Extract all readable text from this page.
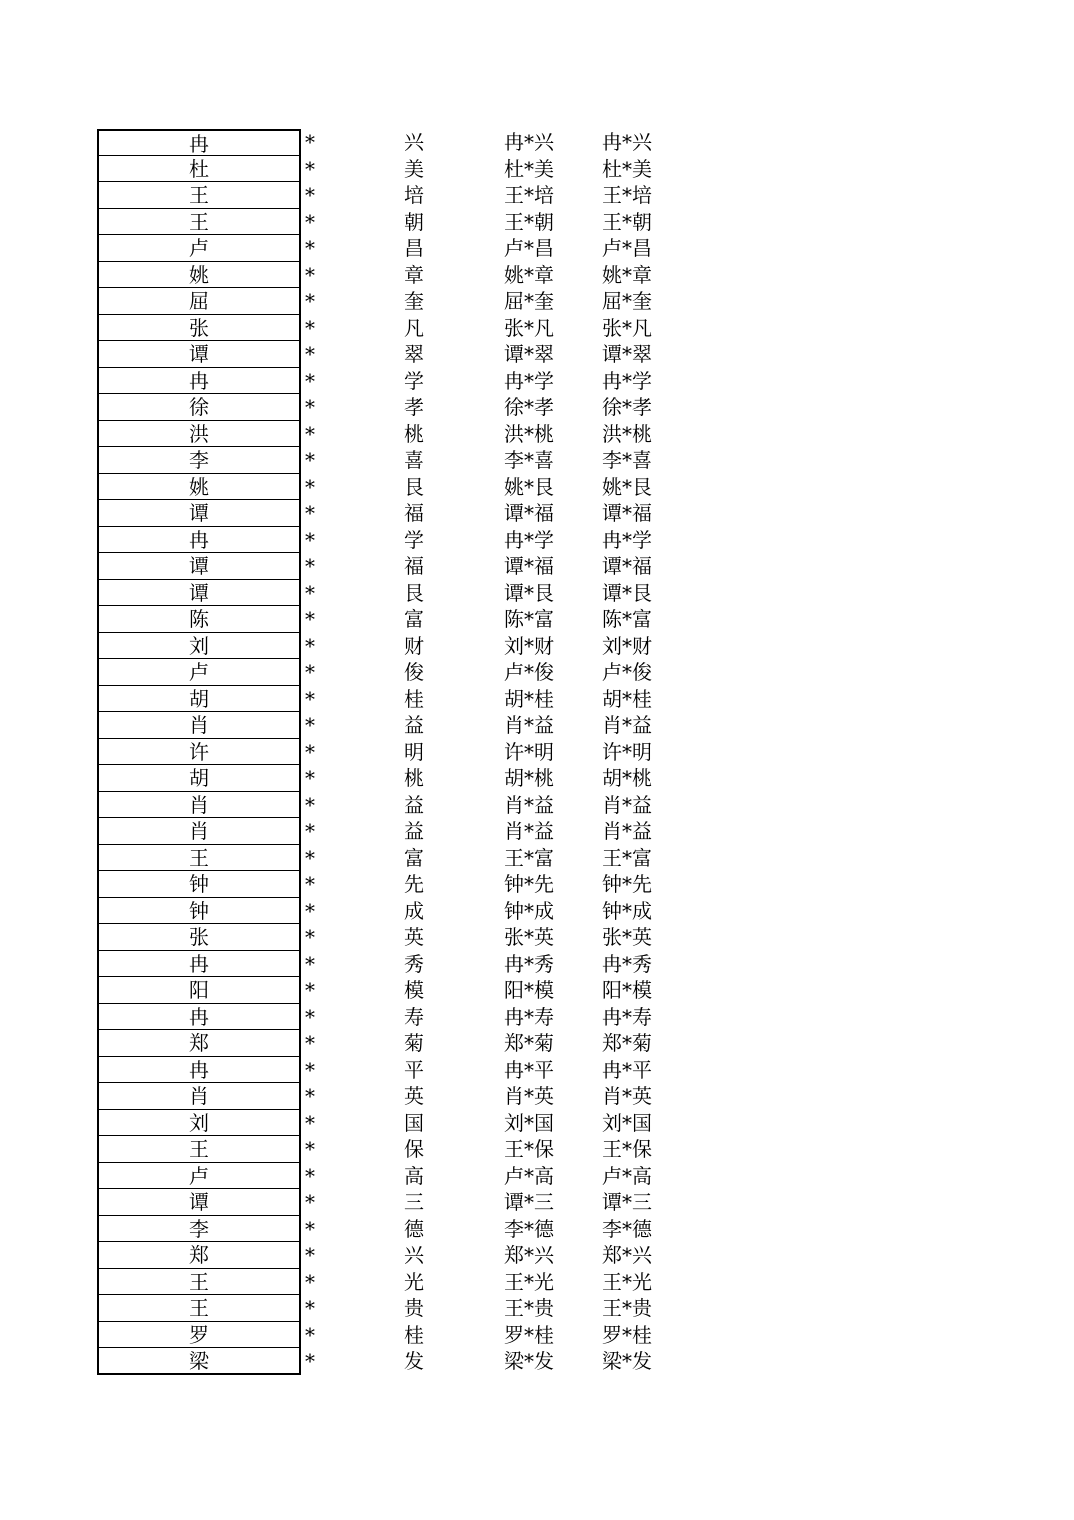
冉	*	兴	冉*兴	冉*兴
杜	*	美	杜*美	杜*美
王	*	培	王*培	王*培
王	*	朝	王*朝	王*朝
卢	*	昌	卢*昌	卢*昌
姚	*	章	姚*章	姚*章
屈	*	奎	屈*奎	屈*奎
张	*	凡	张*凡	张*凡
谭	*	翠	谭*翠	谭*翠
冉	*	学	冉*学	冉*学
徐	*	孝	徐*孝	徐*孝
洪	*	桃	洪*桃	洪*桃
李	*	喜	李*喜	李*喜
姚	*	艮	姚*艮	姚*艮
谭	*	福	谭*福	谭*福
冉	*	学	冉*学	冉*学
谭	*	福	谭*福	谭*福
谭	*	艮	谭*艮	谭*艮
陈	*	富	陈*富	陈*富
刘	*	财	刘*财	刘*财
卢	*	俊	卢*俊	卢*俊
胡	*	桂	胡*桂	胡*桂
肖	*	益	肖*益	肖*益
许	*	明	许*明	许*明
胡	*	桃	胡*桃	胡*桃
肖	*	益	肖*益	肖*益
肖	*	益	肖*益	肖*益
王	*	富	王*富	王*富
钟	*	先	钟*先	钟*先
钟	*	成	钟*成	钟*成
张	*	英	张*英	张*英
冉	*	秀	冉*秀	冉*秀
阳	*	模	阳*模	阳*模
冉	*	寿	冉*寿	冉*寿
郑	*	菊	郑*菊	郑*菊
冉	*	平	冉*平	冉*平
肖	*	英	肖*英	肖*英
刘	*	国	刘*国	刘*国
王	*	保	王*保	王*保
卢	*	高	卢*高	卢*高
谭	*	三	谭*三	谭*三
李	*	德	李*德	李*德
郑	*	兴	郑*兴	郑*兴
王	*	光	王*光	王*光
王	*	贵	王*贵	王*贵
罗	*	桂	罗*桂	罗*桂
梁	*	发	梁*发	梁*发
